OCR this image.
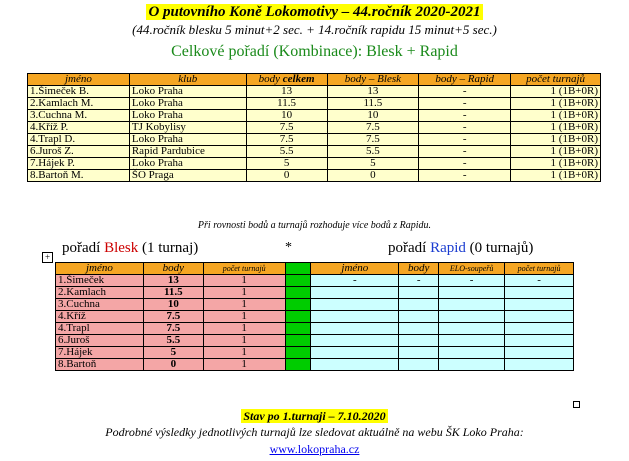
O putovního Koně Lokomotivy – 44.ročník 2020-2021
(44.ročník blesku 5 minut+2 sec. + 14.ročník rapidu 15 minut+5 sec.)
Celkové pořadí (Kombinace): Blesk + Rapid
jméno	klub	body celkem	body – Blesk	body – Rapid	počet turnajů
1.Šimeček B.	Loko Praha	13	13	-	1 (1B+0R)
2.Kamlach M.	Loko Praha	11.5	11.5	-	1 (1B+0R)
3.Cuchna M.	Loko Praha	10	10	-	1 (1B+0R)
4.Kříž P.	TJ Kobylisy	7.5	7.5	-	1 (1B+0R)
4.Trapl D.	Loko Praha	7.5	7.5	-	1 (1B+0R)
6.Juroš Z.	Rapid Pardubice	5.5	5.5	-	1 (1B+0R)
7.Hájek P.	Loko Praha	5	5	-	1 (1B+0R)
8.Bartoň M.	ŠO Praga	0	0	-	1 (1B+0R)
Při rovnosti bodů a turnajů rozhoduje více bodů z Rapidu.
+
pořadí Blesk (1 turnaj)	*	pořadí Rapid (0 turnajů)
jméno	body	počet turnajů		jméno	body	ELO-soupeřů	počet turnajů
1.Šimeček	13	1		-	-	-	-
2.Kamlach	11.5	1					
3.Cuchna	10	1					
4.Kříž	7.5	1					
4.Trapl	7.5	1					
6.Juroš	5.5	1					
7.Hájek	5	1					
8.Bartoň	0	1					
Stav po 1.turnaji – 7.10.2020
Podrobné výsledky jednotlivých turnajů lze sledovat aktuálně na webu ŠK Loko Praha:
www.lokopraha.cz
